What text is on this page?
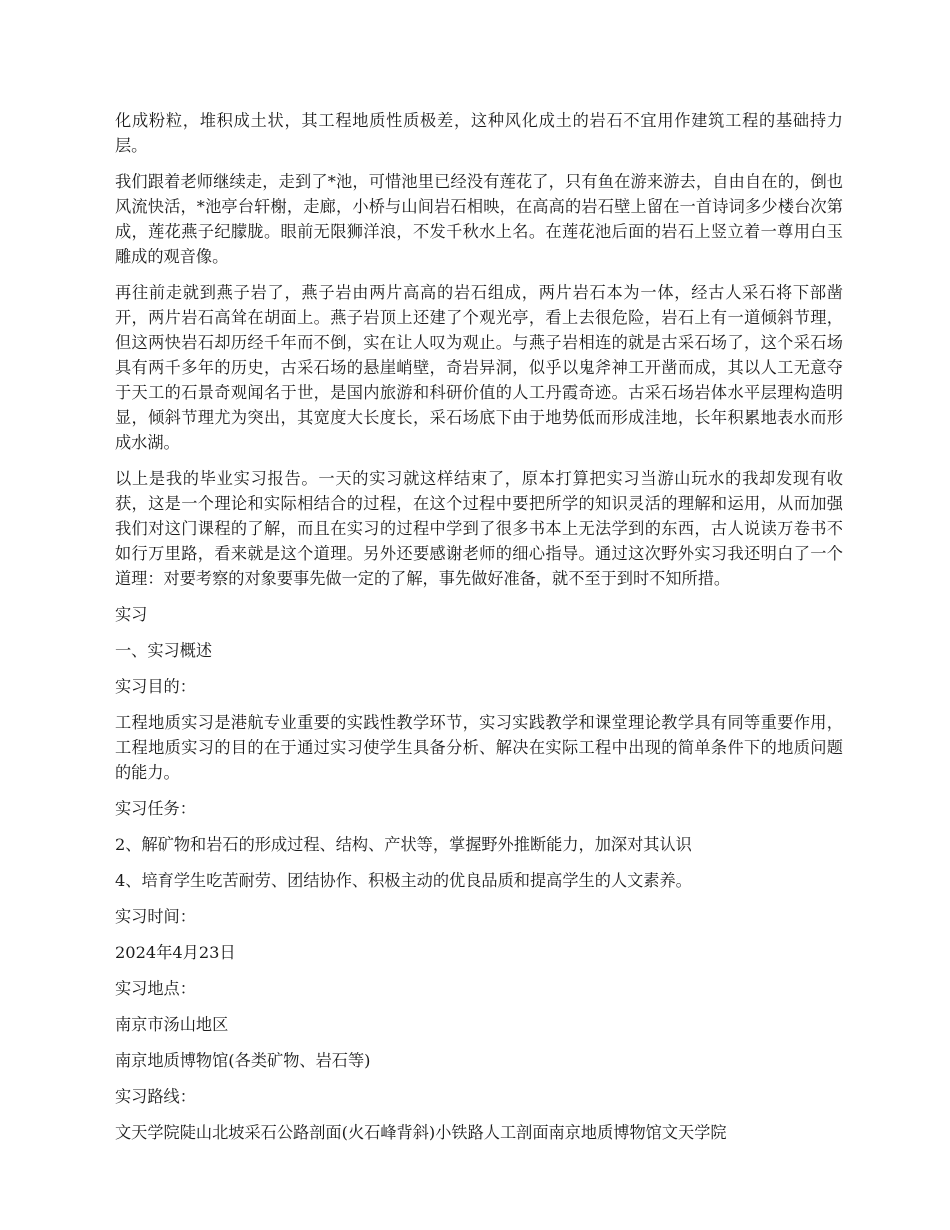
化成粉粒，堆积成土状，其工程地质性质极差，这种风化成土的岩石不宜用作建筑工程的基础持力层。

我们跟着老师继续走，走到了*池，可惜池里已经没有莲花了，只有鱼在游来游去，自由自在的，倒也风流快活，*池亭台轩榭，走廊，小桥与山间岩石相映，在高高的岩石壁上留在一首诗词多少楼台次第成，莲花燕子纪朦胧。眼前无限狮洋浪，不发千秋水上名。在莲花池后面的岩石上竖立着一尊用白玉雕成的观音像。

再往前走就到燕子岩了，燕子岩由两片高高的岩石组成，两片岩石本为一体，经古人采石将下部凿开，两片岩石高耸在胡面上。燕子岩顶上还建了个观光亭，看上去很危险，岩石上有一道倾斜节理，但这两快岩石却历经千年而不倒，实在让人叹为观止。与燕子岩相连的就是古采石场了，这个采石场具有两千多年的历史，古采石场的悬崖峭壁，奇岩异洞，似乎以鬼斧神工开凿而成，其以人工无意夺于天工的石景奇观闻名于世，是国内旅游和科研价值的人工丹霞奇迹。古采石场岩体水平层理构造明显，倾斜节理尤为突出，其宽度大长度长，采石场底下由于地势低而形成洼地，长年积累地表水而形成水湖。

以上是我的毕业实习报告。一天的实习就这样结束了，原本打算把实习当游山玩水的我却发现有收获，这是一个理论和实际相结合的过程，在这个过程中要把所学的知识灵活的理解和运用，从而加强我们对这门课程的了解，而且在实习的过程中学到了很多书本上无法学到的东西，古人说读万卷书不如行万里路，看来就是这个道理。另外还要感谢老师的细心指导。通过这次野外实习我还明白了一个道理：对要考察的对象要事先做一定的了解，事先做好准备，就不至于到时不知所措。

实习

一、实习概述

实习目的：

工程地质实习是港航专业重要的实践性教学环节，实习实践教学和课堂理论教学具有同等重要作用，工程地质实习的目的在于通过实习使学生具备分析、解决在实际工程中出现的简单条件下的地质问题的能力。

实习任务：

2、解矿物和岩石的形成过程、结构、产状等，掌握野外推断能力，加深对其认识

4、培育学生吃苦耐劳、团结协作、积极主动的优良品质和提高学生的人文素养。

实习时间：

2024年4月23日

实习地点：

南京市汤山地区

南京地质博物馆(各类矿物、岩石等)

实习路线：

文天学院陡山北坡采石公路剖面(火石峰背斜)小铁路人工剖面南京地质博物馆文天学院
